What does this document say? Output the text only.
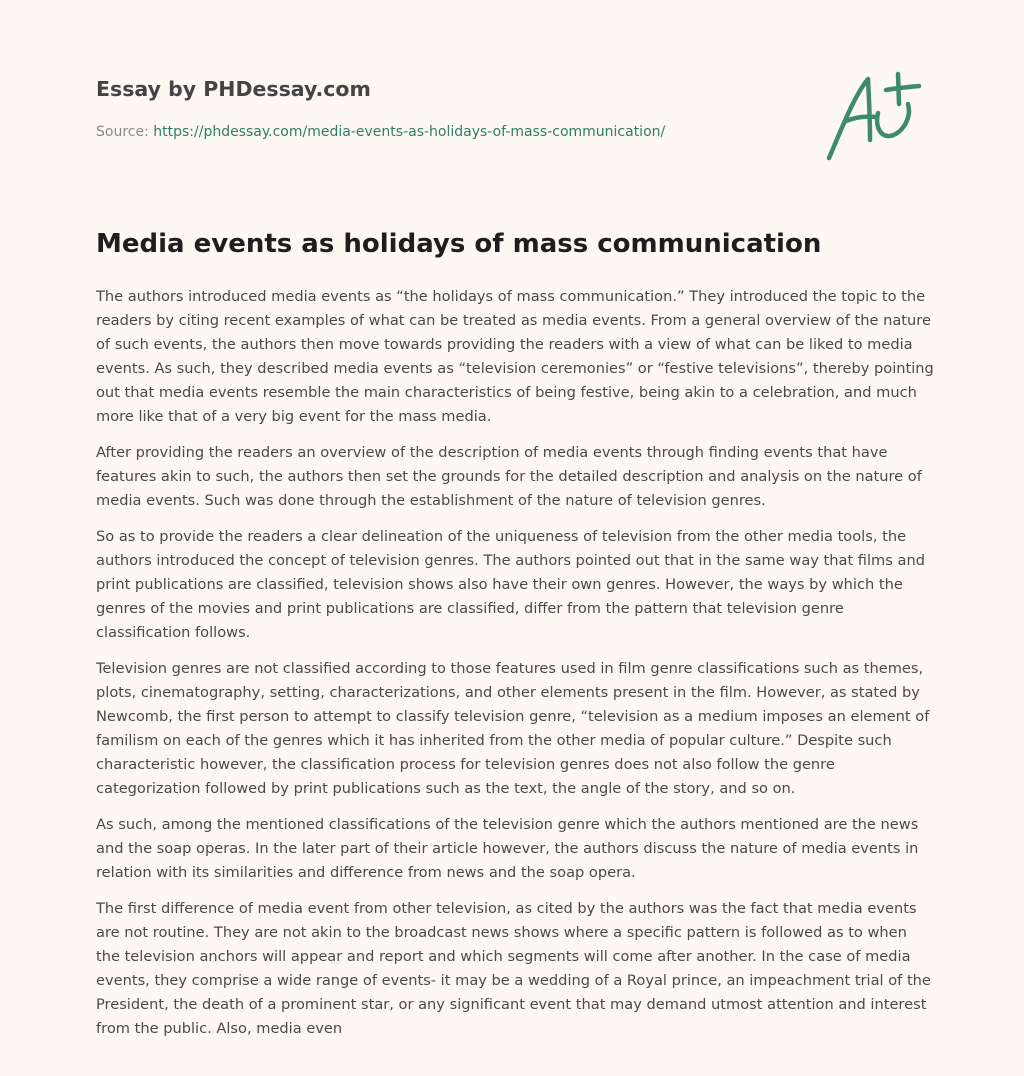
Essay by PHDessay.com
Source: https://phdessay.com/media-events-as-holidays-of-mass-communication/
Media events as holidays of mass communication

The authors introduced media events as “the holidays of mass communication.” They introduced the topic to the readers by citing recent examples of what can be treated as media events. From a general overview of the nature of such events, the authors then move towards providing the readers with a view of what can be liked to media events. As such, they described media events as “television ceremonies” or “festive televisions”, thereby pointing out that media events resemble the main characteristics of being festive, being akin to a celebration, and much more like that of a very big event for the mass media.

After providing the readers an overview of the description of media events through finding events that have features akin to such, the authors then set the grounds for the detailed description and analysis on the nature of media events. Such was done through the establishment of the nature of television genres.

So as to provide the readers a clear delineation of the uniqueness of television from the other media tools, the authors introduced the concept of television genres. The authors pointed out that in the same way that films and print publications are classified, television shows also have their own genres. However, the ways by which the genres of the movies and print publications are classified, differ from the pattern that television genre classification follows.

Television genres are not classified according to those features used in film genre classifications such as themes, plots, cinematography, setting, characterizations, and other elements present in the film. However, as stated by Newcomb, the first person to attempt to classify television genre, “television as a medium imposes an element of familism on each of the genres which it has inherited from the other media of popular culture.” Despite such characteristic however, the classification process for television genres does not also follow the genre categorization followed by print publications such as the text, the angle of the story, and so on.

As such, among the mentioned classifications of the television genre which the authors mentioned are the news and the soap operas. In the later part of their article however, the authors discuss the nature of media events in relation with its similarities and difference from news and the soap opera.

The first difference of media event from other television, as cited by the authors was the fact that media events are not routine. They are not akin to the broadcast news shows where a specific pattern is followed as to when the television anchors will appear and report and which segments will come after another. In the case of media events, they comprise a wide range of events- it may be a wedding of a Royal prince, an impeachment trial of the President, the death of a prominent star, or any significant event that may demand utmost attention and interest from the public. Also, media even
